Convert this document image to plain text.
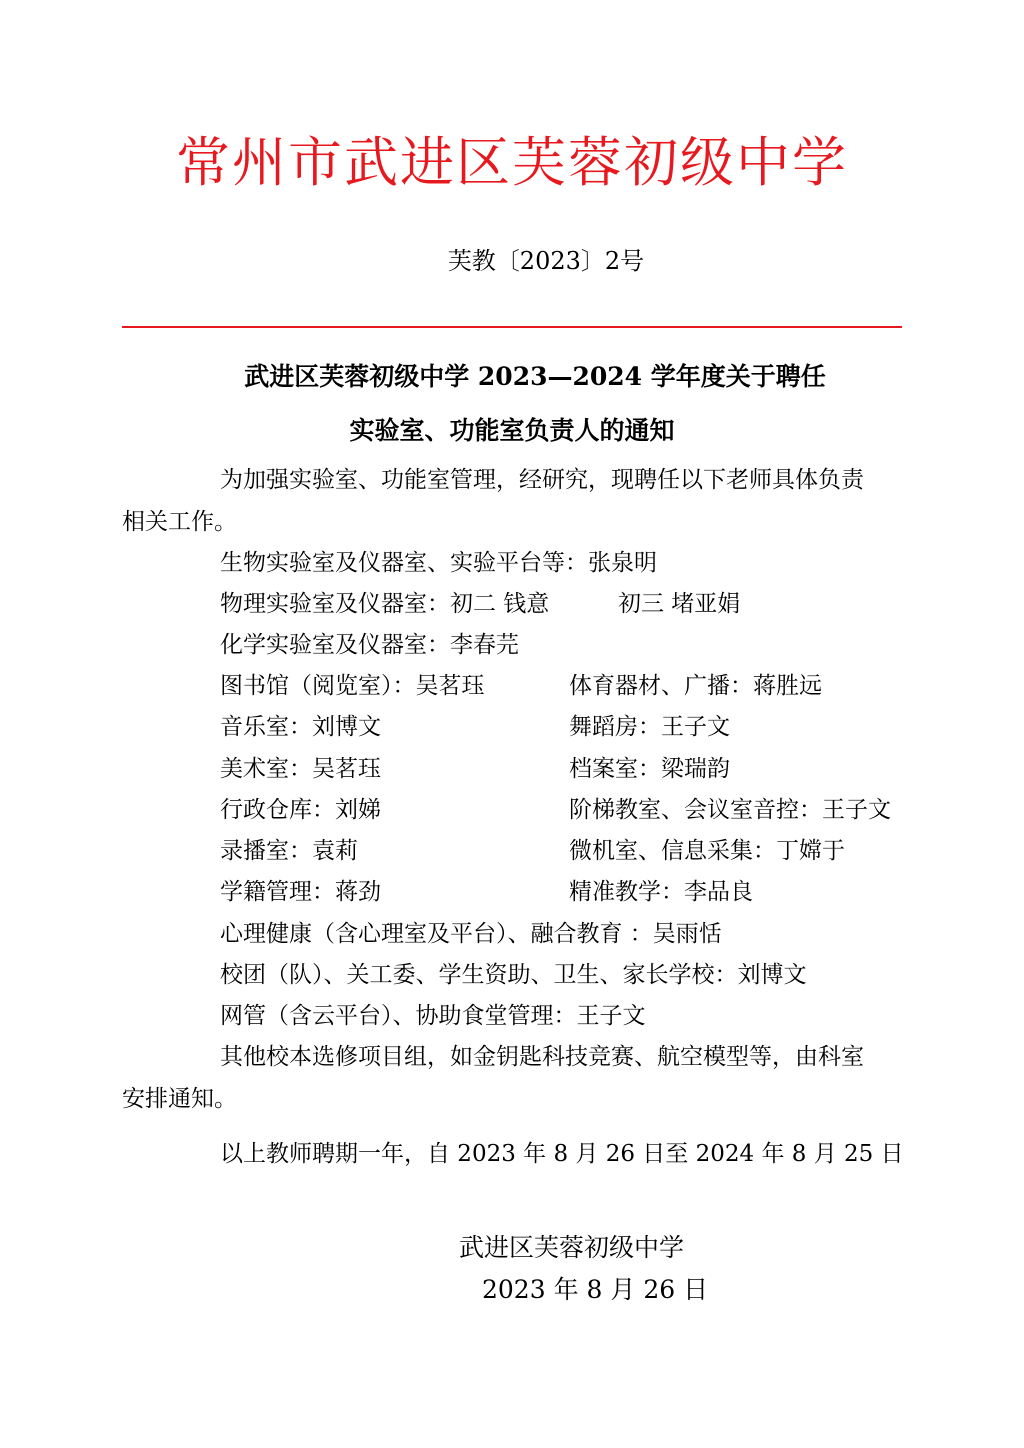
常州市武进区芙蓉初级中学
芙教〔2023〕2号
武进区芙蓉初级中学 2023—2024 学年度关于聘任
实验室、功能室负责人的通知
为加强实验室、功能室管理，经研究，现聘任以下老师具体负责
相关工作。
生物实验室及仪器室、实验平台等：张泉明
物理实验室及仪器室：初二 钱意	初三 堵亚娟
化学实验室及仪器室：李春芫
图书馆（阅览室）：吴茗珏	体育器材、广播：蒋胜远
音乐室：刘博文	舞蹈房：王子文
美术室：吴茗珏	档案室：梁瑞韵
行政仓库：刘娣	阶梯教室、会议室音控：王子文
录播室：袁莉	微机室、信息采集：丁嫦于
学籍管理：蒋劲	精准教学：李品良
心理健康（含心理室及平台）、融合教育 ：吴雨恬
校团（队）、关工委、学生资助、卫生、家长学校：刘博文
网管（含云平台）、协助食堂管理：王子文
其他校本选修项目组，如金钥匙科技竞赛、航空模型等，由科室
安排通知。
以上教师聘期一年，自 2023 年 8 月 26 日至 2024 年 8 月 25 日
武进区芙蓉初级中学
2023 年 8 月 26 日
